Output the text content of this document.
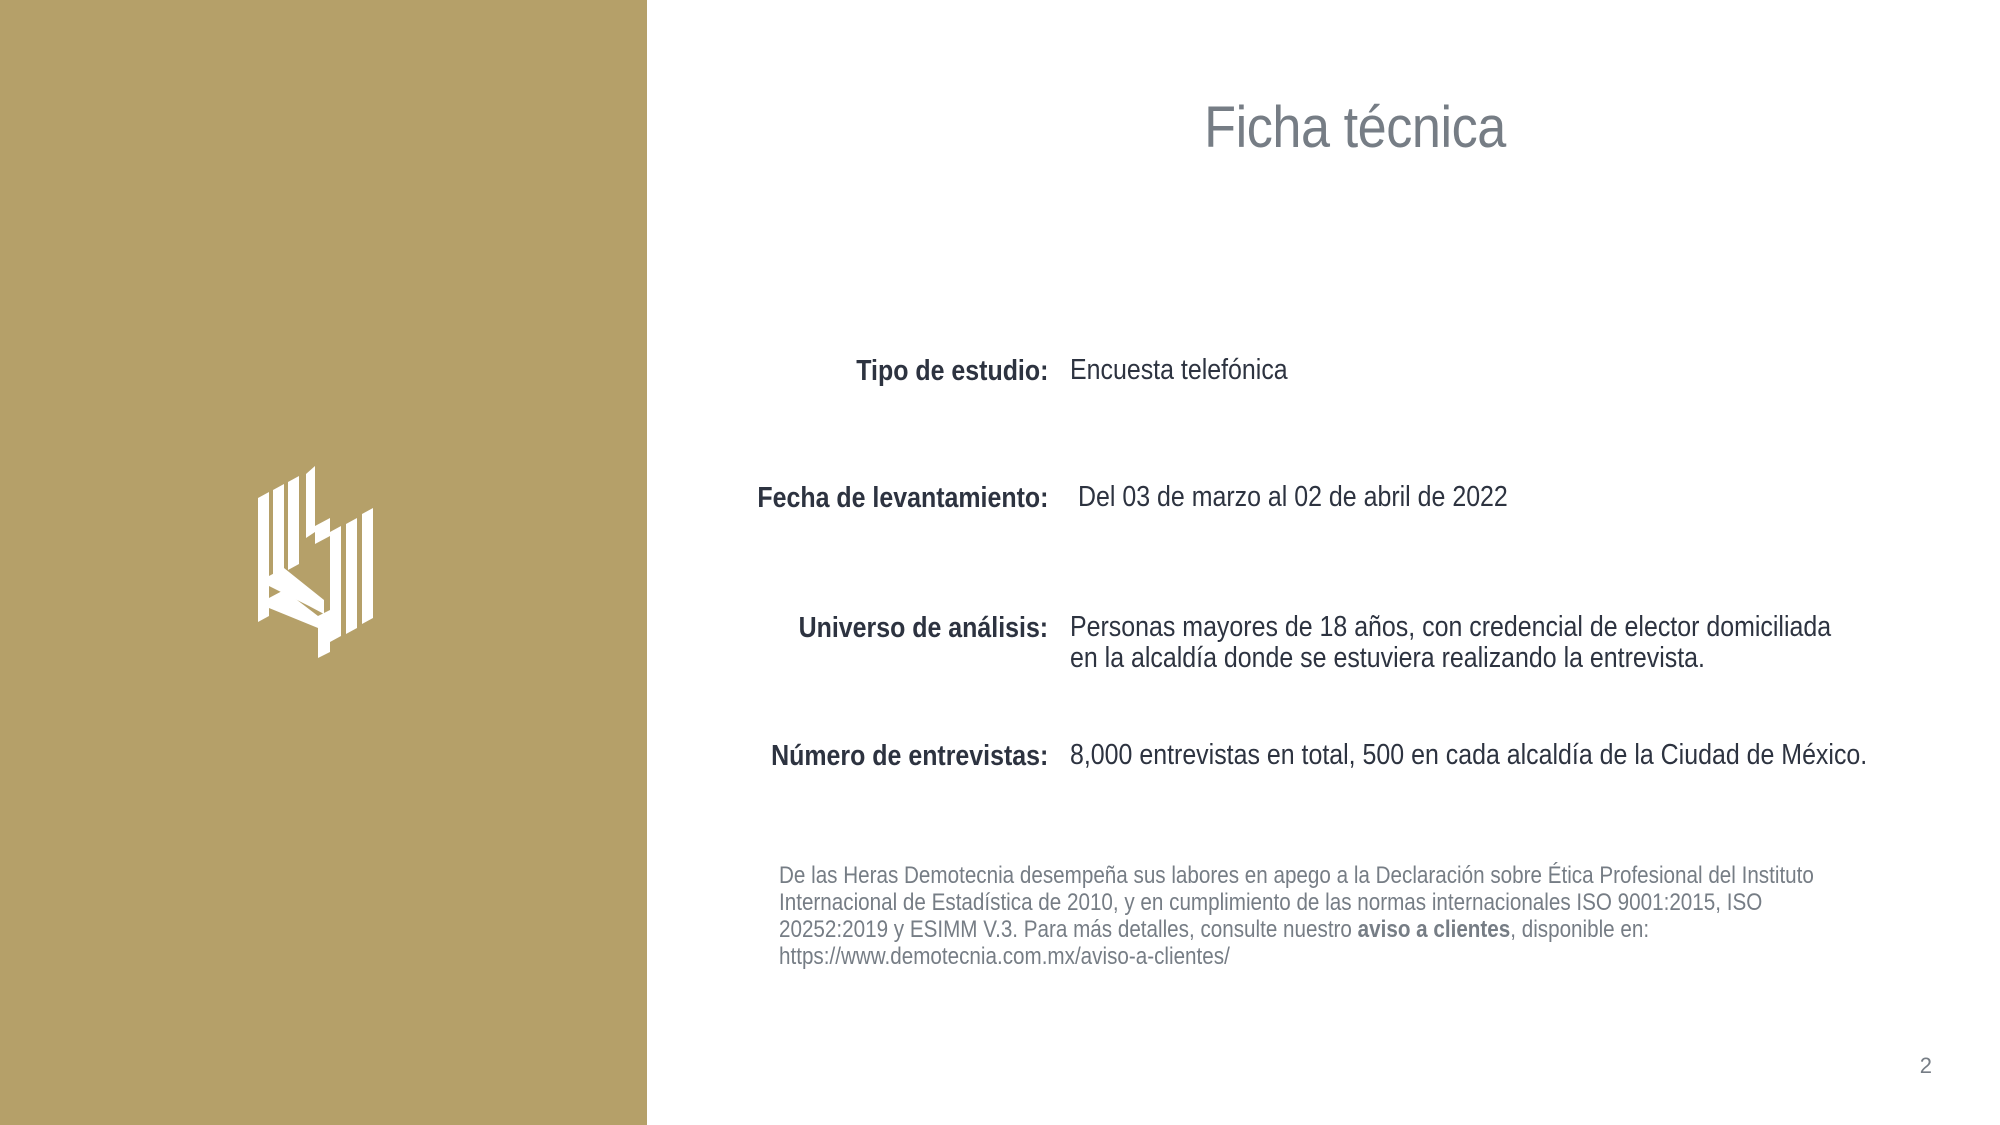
Ficha técnica
Tipo de estudio: Encuesta telefónica
Fecha de levantamiento: Del 03 de marzo al 02 de abril de 2022
Universo de análisis: Personas mayores de 18 años, con credencial de elector domiciliada
en la alcaldía donde se estuviera realizando la entrevista.
Número de entrevistas: 8,000 entrevistas en total, 500 en cada alcaldía de la Ciudad de México.
De las Heras Demotecnia desempeña sus labores en apego a la Declaración sobre Ética Profesional del Instituto
Internacional de Estadística de 2010, y en cumplimiento de las normas internacionales ISO 9001:2015, ISO
20252:2019 y ESIMM V.3. Para más detalles, consulte nuestro aviso a clientes, disponible en:
https://www.demotecnia.com.mx/aviso-a-clientes/
2
